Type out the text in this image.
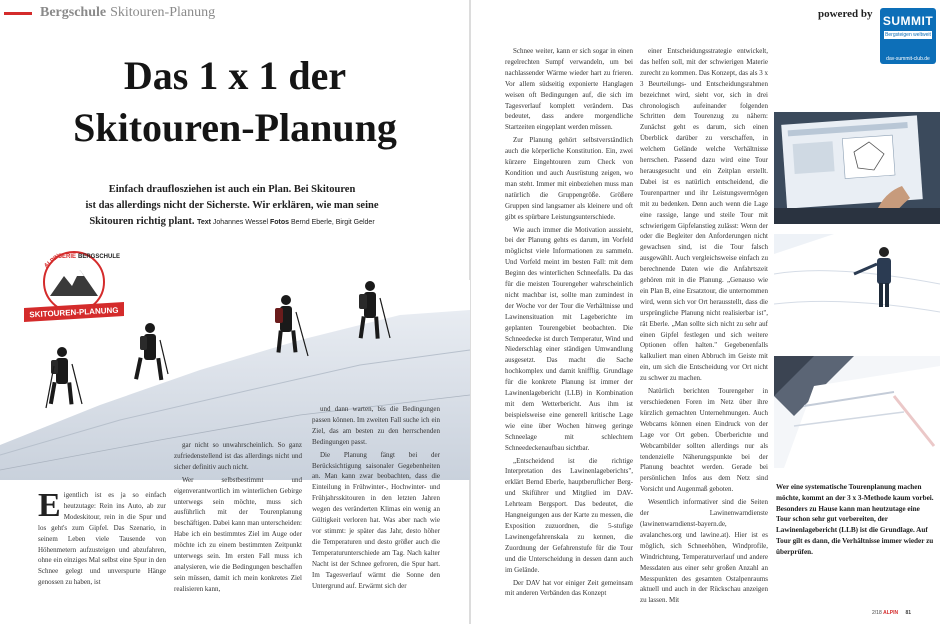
Bergschule Skitouren-Planung	powered by SUMMIT
Bergsteigen weltweit
dav-summit-club.de
Das 1 x 1 der
Skitouren-Planung
Einfach drauflosziehen ist auch ein Plan. Bei Skitouren
ist das allerdings nicht der Sicherste. Wir erklären, wie man seine
Skitouren richtig plant. Text Johannes Wessel Fotos Bernd Eberle, Birgit Gelder
ALPIN
SERIE BERGSCHULE
SKITOUREN-PLANUNG
E igentlich ist es ja so einfach heutzutage: Rein ins Auto, ab zur Modeskitour, rein in die Spur und los geht's zum Gipfel. Das Szenario, in seinem Leben viele Tausende von Höhenmetern aufzusteigen und abzufahren, ohne ein einziges Mal selbst eine Spur in den Schnee gelegt und unverspurte Hänge genossen zu haben, ist

gar nicht so unwahrscheinlich. So ganz zufriedenstellend ist das allerdings nicht und sicher definitiv auch nicht.

Wer selbstbestimmt und eigenverantwortlich im winterlichen Gebirge unterwegs sein möchte, muss sich ausführlich mit der Tourenplanung beschäftigen. Dabei kann man unterscheiden: Habe ich ein bestimmtes Ziel im Auge oder möchte ich zu einem bestimmten Zeitpunkt unterwegs sein. Im ersten Fall muss ich analysieren, wie die Bedingungen beschaffen sein müssen, damit ich mein konkretes Ziel realisieren kann,

und dann warten, bis die Bedingungen passen können. Im zweiten Fall suche ich ein Ziel, das am besten zu den herrschenden Bedingungen passt.

Die Planung fängt bei der Berücksichtigung saisonaler Gegebenheiten an. Man kann zwar beobachten, dass die Einteilung in Frühwinter-, Hochwinter- und Frühjahrsskitouren in den letzten Jahren wegen des veränderten Klimas ein wenig an Gültigkeit verloren hat. Was aber nach wie vor stimmt: je später das Jahr, desto höher die Temperaturen und desto größer auch die Temperaturunterschiede am Tag. Nach kalter Nacht ist der Schnee gefroren, die Spur hart. Im Tagesverlauf wärmt die Sonne den Untergrund auf. Erwärmt sich der

Schnee weiter, kann er sich sogar in einen regelrechten Sumpf verwandeln, um bei nachlassender Wärme wieder hart zu frieren. Vor allem südseitig exponierte Hanglagen weisen oft Bedingungen auf, die sich im Tagesverlauf komplett verändern. Das bedeutet, dass andere morgendliche Startzeiten eingeplant werden müssen.

Zur Planung gehört selbstverständlich auch die körperliche Konstitution. Ein, zwei kürzere Eingehtouren zum Check von Kondition und auch Ausrüstung zeigen, wo man steht. Immer mit einbeziehen muss man natürlich die Gruppengröße. Größere Gruppen sind langsamer als kleinere und oft gibt es spürbare Leistungsunterschiede.

Wie auch immer die Motivation aussieht, bei der Planung gehts es darum, im Vorfeld möglichst viele Informationen zu sammeln. Und Vorfeld meint im besten Fall: mit dem Beginn des winterlichen Schneefalls. Da das für die meisten Tourengeher wahrscheinlich nicht machbar ist, sollte man zumindest in der Woche vor der Tour die Verhältnisse und Lawinensituation mit Lageberichte im geplanten Tourengebiet beobachten. Die Schneedecke ist durch Temperatur, Wind und Niederschlag einer ständigen Umwandlung ausgesetzt. Das macht die Sache hochkomplex und damit knifflig. Grundlage für die konkrete Planung ist immer der Lawinenlagebericht (LLB) in Kombination mit dem Wetterbericht. Aus ihm ist beispielsweise eine generell kritische Lage wie eine über Wochen hinweg geringe Schneelage mit schlechtem Schneedeckenaufbau sichtbar.

„Entscheidend ist die richtige Interpretation des Lawinenlageberichts", erklärt Bernd Eberle, hauptberuflicher Berg- und Skiführer und Mitglied im DAV-Lehrteam Bergsport. Das bedeutet, die Hangneigungen aus der Karte zu messen, die Exposition zuzuordnen, die 5-stufige Lawinengefahrenskala zu kennen, die Zuordnung der Gefahrenstufe für die Tour und die Unterscheidung in dessen dann auch im Gelände.

Der DAV hat vor einiger Zeit gemeinsam mit anderen Verbänden das Konzept

einer Entscheidungsstrategie entwickelt, das helfen soll, mit der schwierigen Materie zurecht zu kommen. Das Konzept, das als 3 x 3 Beurteilungs- und Entscheidungsrahmen bezeichnet wird, sieht vor, sich in drei chronologisch aufeinander folgenden Schritten dem Tourenzug zu nähern: Zunächst geht es darum, sich einen Überblick darüber zu verschaffen, in welchem Gelände welche Verhältnisse herrschen. Passend dazu wird eine Tour herausgesucht und ein Zeitplan erstellt. Dabei ist es natürlich entscheidend, die Tourenpartner und ihr Leistungsvermögen mit zu bedenken. Denn auch wenn die Lage eine rassige, lange und steile Tour mit schwierigem Gipfelanstieg zulässt: Wenn der oder die Begleiter den Anforderungen nicht gewachsen sind, ist die Tour falsch ausgewählt. Auch vergleichsweise einfach zu berechnende Daten wie die Anfahrtszeit gehören mit in die Planung. „Genauso wie ein Plan B, eine Ersatztour, die unternommen wird, wenn sich vor Ort herausstellt, dass die ursprüngliche Planung nicht realisierbar ist", rät Eberle. „Man sollte sich nicht zu sehr auf einen Gipfel festlegen und sich weitere Optionen offen halten." Gegebenenfalls kalkuliert man einen Abbruch im Geiste mit ein, um sich die Entscheidung vor Ort nicht zu schwer zu machen.

Natürlich berichten Tourengeher in verschiedenen Foren im Netz über ihre kürzlich gemachten Unternehmungen. Auch Webcams können einen Eindruck von der Lage vor Ort geben. Überberichte und Webcambilder sollten allerdings nur als tendenzielle Näherungspunkte bei der Planung beachtet werden. Gerade bei persönlichen Infos aus dem Netz sind Vorsicht und Augenmaß geboten.

Wesentlich informativer sind die Seiten der Lawinenwarndienste (lawinenwarndienst-bayern.de, avalanches.org und lawine.at). Hier ist es möglich, sich Schneehöhen, Windprofile, Windrichtung, Temperaturverlauf und andere Messdaten aus einer sehr großen Anzahl an Messpunkten des gesamten Ostalpenraums aktuell und auch in der Rückschau anzeigen zu lassen. Mit

Wer eine systematische Tourenplanung machen möchte, kommt an der 3 x 3-Methode kaum vorbei. Besonders zu Hause kann man heutzutage eine Tour schon sehr gut vorbereiten, der Lawinenlagebericht (LLB) ist die Grundlage. Auf Tour gilt es dann, die Verhältnisse immer wieder zu überprüfen.
2/18 ALPIN 81
